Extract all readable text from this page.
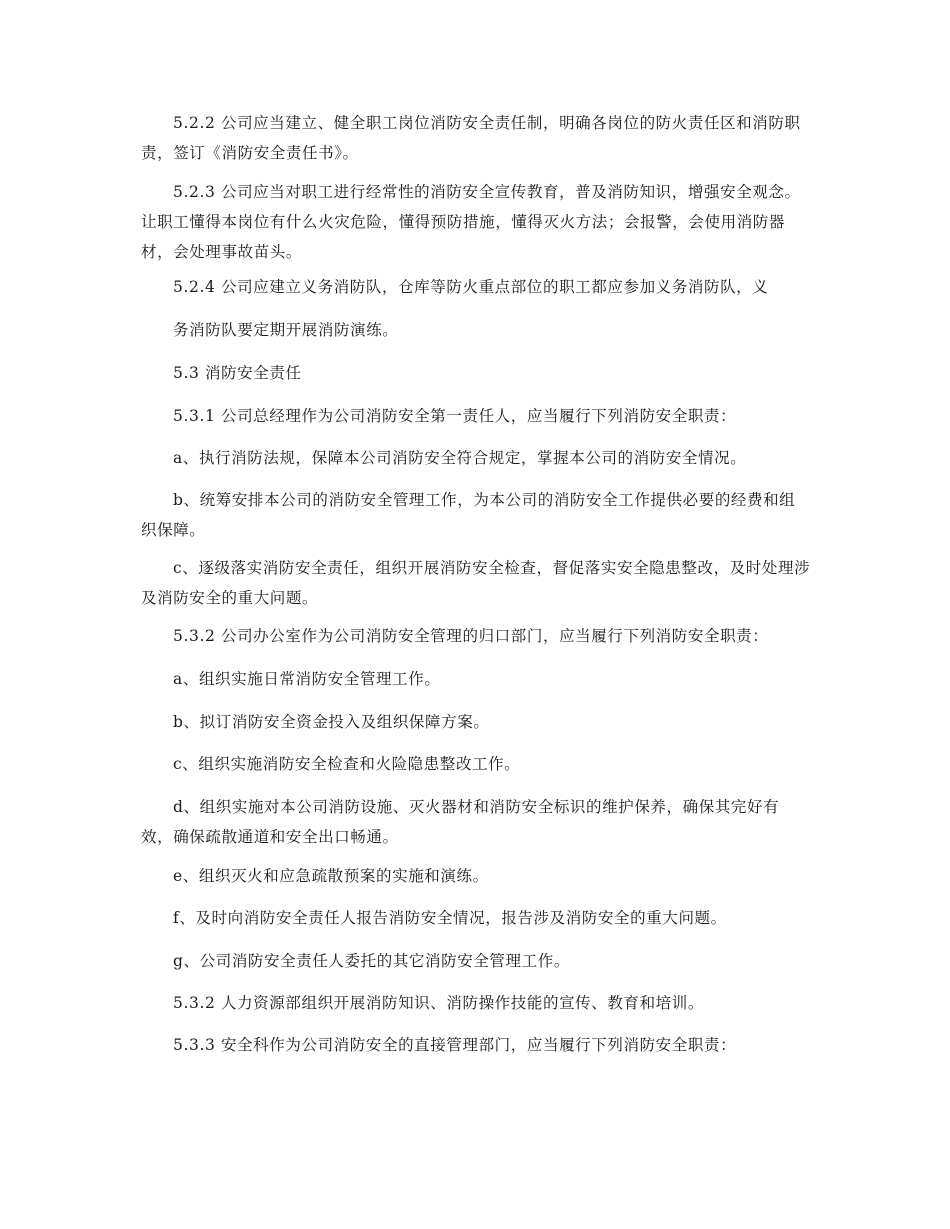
5.2.2 公司应当建立、健全职工岗位消防安全责任制，明确各岗位的防火责任区和消防职责，签订《消防安全责任书》。

5.2.3 公司应当对职工进行经常性的消防安全宣传教育，普及消防知识，增强安全观念。让职工懂得本岗位有什么火灾危险，懂得预防措施，懂得灭火方法；会报警，会使用消防器材，会处理事故苗头。

5.2.4 公司应建立义务消防队，仓库等防火重点部位的职工都应参加义务消防队，义

务消防队要定期开展消防演练。

5.3 消防安全责任

5.3.1 公司总经理作为公司消防安全第一责任人，应当履行下列消防安全职责：

a、执行消防法规，保障本公司消防安全符合规定，掌握本公司的消防安全情况。

b、统筹安排本公司的消防安全管理工作，为本公司的消防安全工作提供必要的经费和组织保障。

c、逐级落实消防安全责任，组织开展消防安全检查，督促落实安全隐患整改，及时处理涉及消防安全的重大问题。

5.3.2 公司办公室作为公司消防安全管理的归口部门，应当履行下列消防安全职责：

a、组织实施日常消防安全管理工作。

b、拟订消防安全资金投入及组织保障方案。

c、组织实施消防安全检查和火险隐患整改工作。

d、组织实施对本公司消防设施、灭火器材和消防安全标识的维护保养，确保其完好有效，确保疏散通道和安全出口畅通。

e、组织灭火和应急疏散预案的实施和演练。

f、及时向消防安全责任人报告消防安全情况，报告涉及消防安全的重大问题。

g、公司消防安全责任人委托的其它消防安全管理工作。

5.3.2 人力资源部组织开展消防知识、消防操作技能的宣传、教育和培训。

5.3.3 安全科作为公司消防安全的直接管理部门，应当履行下列消防安全职责：
